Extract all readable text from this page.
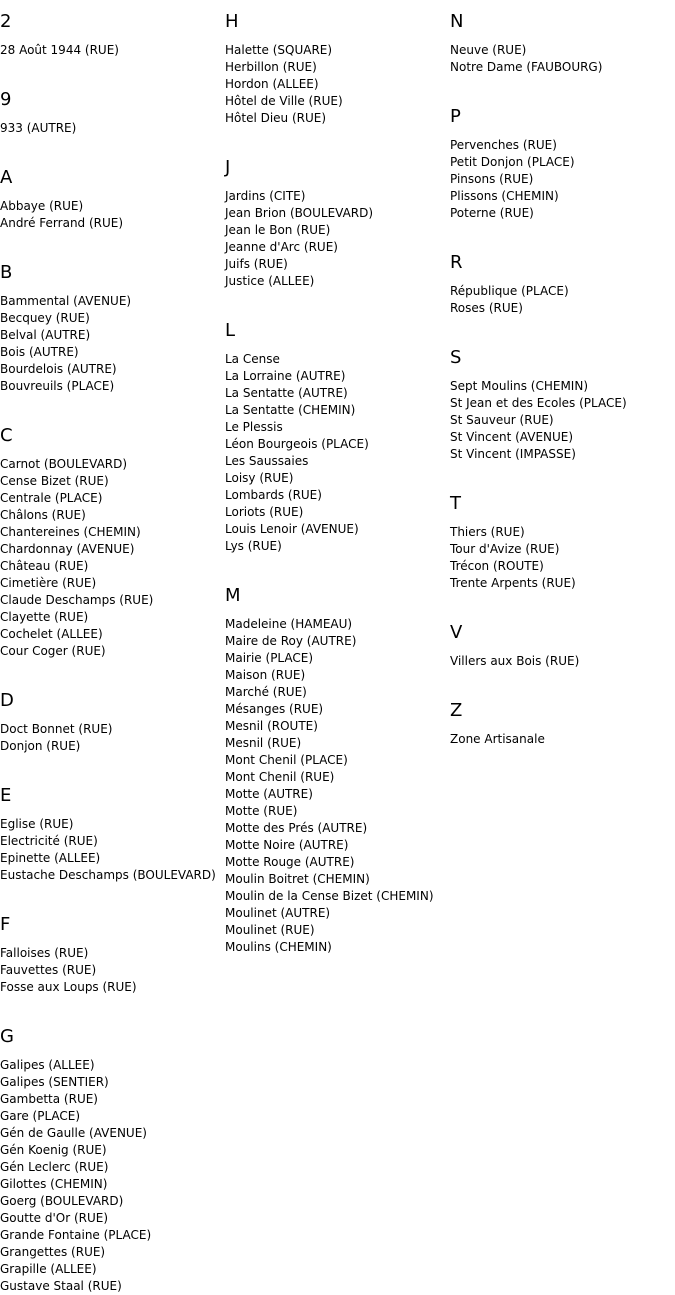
2
28 Août 1944 (RUE)
9
933 (AUTRE)
A
Abbaye (RUE)
André Ferrand (RUE)
B
Bammental (AVENUE)
Becquey (RUE)
Belval (AUTRE)
Bois (AUTRE)
Bourdelois (AUTRE)
Bouvreuils (PLACE)
C
Carnot (BOULEVARD)
Cense Bizet (RUE)
Centrale (PLACE)
Châlons (RUE)
Chantereines (CHEMIN)
Chardonnay (AVENUE)
Château (RUE)
Cimetière (RUE)
Claude Deschamps (RUE)
Clayette (RUE)
Cochelet (ALLEE)
Cour Coger (RUE)
D
Doct Bonnet (RUE)
Donjon (RUE)
E
Eglise (RUE)
Electricité (RUE)
Epinette (ALLEE)
Eustache Deschamps (BOULEVARD)
F
Falloises (RUE)
Fauvettes (RUE)
Fosse aux Loups (RUE)
G
Galipes (ALLEE)
Galipes (SENTIER)
Gambetta (RUE)
Gare (PLACE)
Gén de Gaulle (AVENUE)
Gén Koenig (RUE)
Gén Leclerc (RUE)
Gilottes (CHEMIN)
Goerg (BOULEVARD)
Goutte d'Or (RUE)
Grande Fontaine (PLACE)
Grangettes (RUE)
Grapille (ALLEE)
Gustave Staal (RUE)
H
Halette (SQUARE)
Herbillon (RUE)
Hordon (ALLEE)
Hôtel de Ville (RUE)
Hôtel Dieu (RUE)
J
Jardins (CITE)
Jean Brion (BOULEVARD)
Jean le Bon (RUE)
Jeanne d'Arc (RUE)
Juifs (RUE)
Justice (ALLEE)
L
La Cense
La Lorraine (AUTRE)
La Sentatte (AUTRE)
La Sentatte (CHEMIN)
Le Plessis
Léon Bourgeois (PLACE)
Les Saussaies
Loisy (RUE)
Lombards (RUE)
Loriots (RUE)
Louis Lenoir (AVENUE)
Lys (RUE)
M
Madeleine (HAMEAU)
Maire de Roy (AUTRE)
Mairie (PLACE)
Maison (RUE)
Marché (RUE)
Mésanges (RUE)
Mesnil (ROUTE)
Mesnil (RUE)
Mont Chenil (PLACE)
Mont Chenil (RUE)
Motte (AUTRE)
Motte (RUE)
Motte des Prés (AUTRE)
Motte Noire (AUTRE)
Motte Rouge (AUTRE)
Moulin Boitret (CHEMIN)
Moulin de la Cense Bizet (CHEMIN)
Moulinet (AUTRE)
Moulinet (RUE)
Moulins (CHEMIN)
N
Neuve (RUE)
Notre Dame (FAUBOURG)
P
Pervenches (RUE)
Petit Donjon (PLACE)
Pinsons (RUE)
Plissons (CHEMIN)
Poterne (RUE)
R
République (PLACE)
Roses (RUE)
S
Sept Moulins (CHEMIN)
St Jean et des Ecoles (PLACE)
St Sauveur (RUE)
St Vincent (AVENUE)
St Vincent (IMPASSE)
T
Thiers (RUE)
Tour d'Avize (RUE)
Trécon (ROUTE)
Trente Arpents (RUE)
V
Villers aux Bois (RUE)
Z
Zone Artisanale
